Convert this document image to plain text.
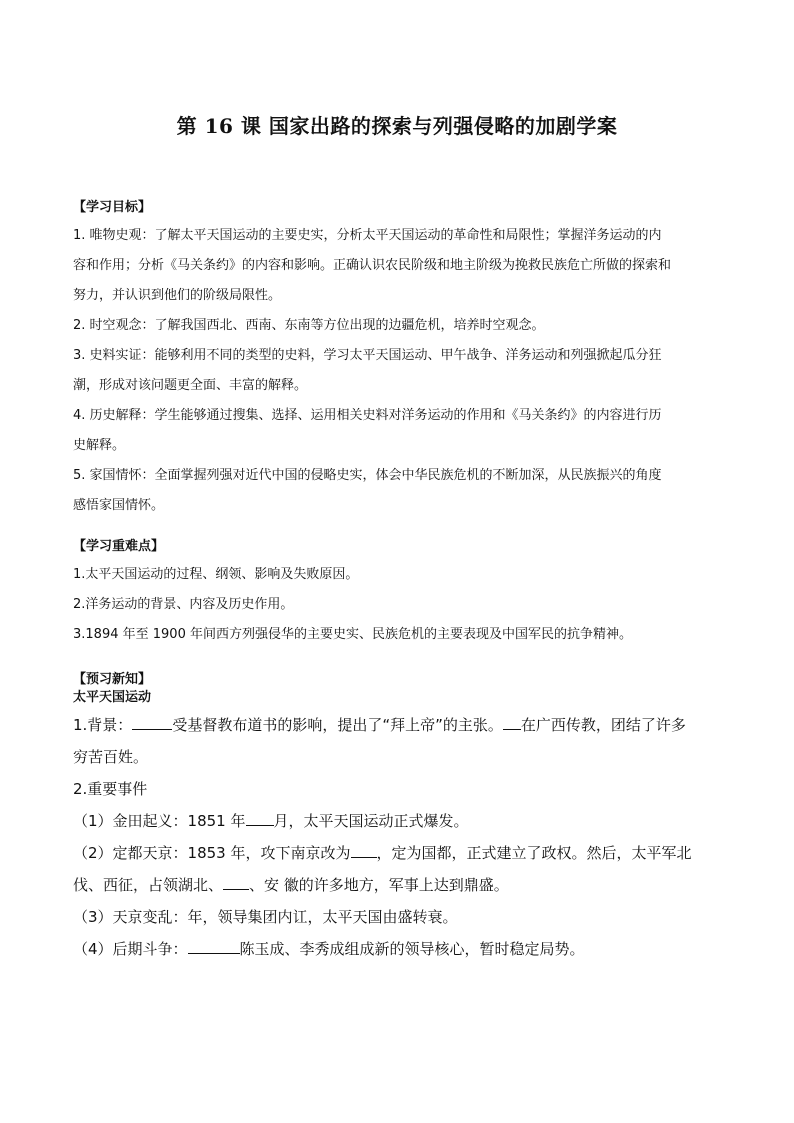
第 16 课 国家出路的探索与列强侵略的加剧学案

【学习目标】

1. 唯物史观：了解太平天国运动的主要史实，分析太平天国运动的革命性和局限性；掌握洋务运动的内

容和作用；分析《马关条约》的内容和影响。正确认识农民阶级和地主阶级为挽救民族危亡所做的探索和

努力，并认识到他们的阶级局限性。

2. 时空观念：了解我国西北、西南、东南等方位出现的边疆危机，培养时空观念。

3. 史料实证：能够利用不同的类型的史料，学习太平天国运动、甲午战争、洋务运动和列强掀起瓜分狂

潮，形成对该问题更全面、丰富的解释。

4. 历史解释：学生能够通过搜集、选择、运用相关史料对洋务运动的作用和《马关条约》的内容进行历

史解释。

5. 家国情怀：全面掌握列强对近代中国的侵略史实，体会中华民族危机的不断加深，从民族振兴的角度

感悟家国情怀。

【学习重难点】

1.太平天国运动的过程、纲领、影响及失败原因。

2.洋务运动的背景、内容及历史作用。

3.1894 年至 1900 年间西方列强侵华的主要史实、民族危机的主要表现及中国军民的抗争精神。

【预习新知】

太平天国运动

1.背景：	受基督教布道书的影响，提出了“拜上帝”的主张。 在广西传教，团结了许多

穷苦百姓。

2.重要事件

（1）金田起义：1851 年 月，太平天国运动正式爆发。

（2）定都天京：1853 年，攻下南京改为 ，定为国都，正式建立了政权。然后，太平军北

伐、西征，占领湖北、 、安 徽的许多地方，军事上达到鼎盛。

（3）天京变乱：年，领导集团内讧，太平天国由盛转衰。

（4）后期斗争：	陈玉成、李秀成组成新的领导核心，暂时稳定局势。
